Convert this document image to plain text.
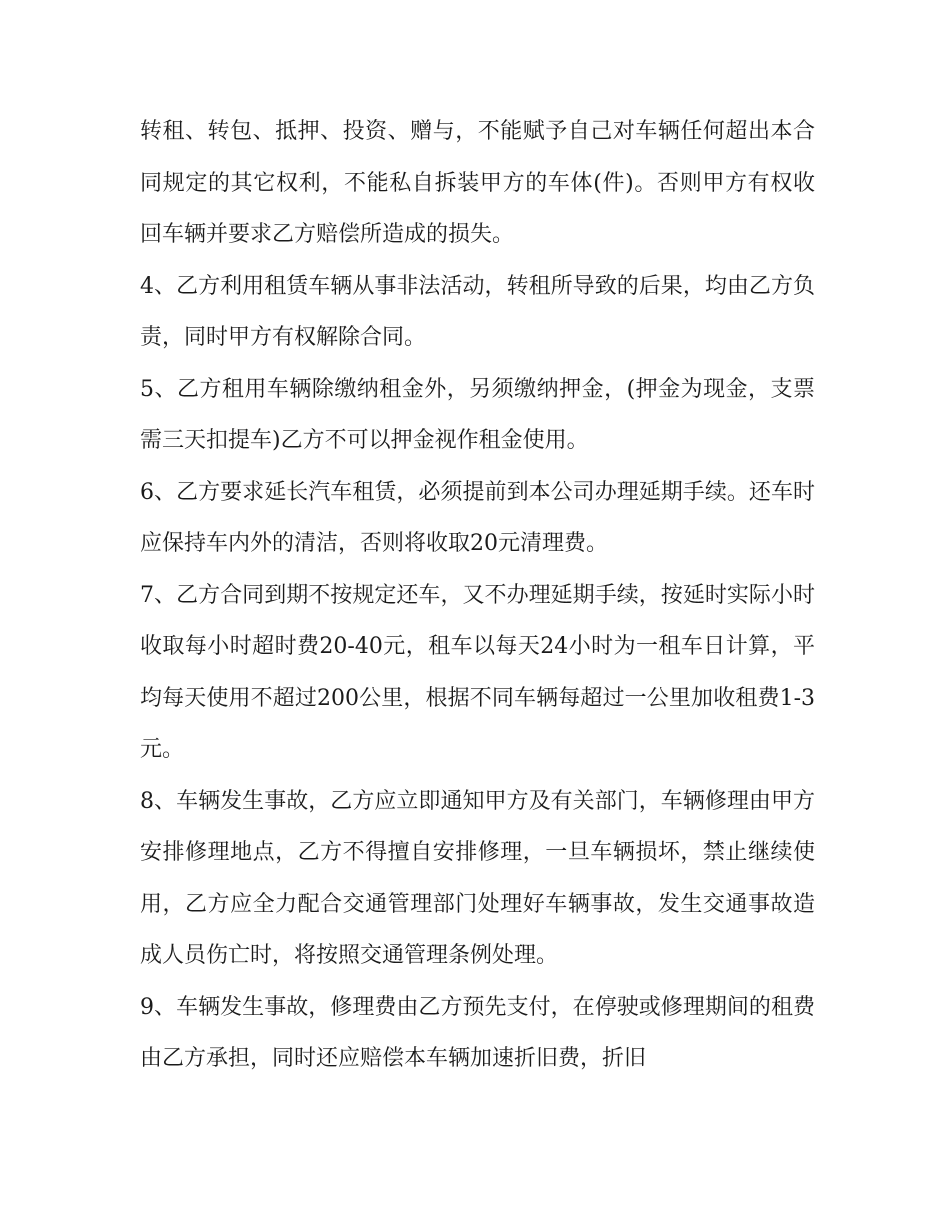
转租、转包、抵押、投资、赠与，不能赋予自己对车辆任何超出本合同规定的其它权利，不能私自拆装甲方的车体(件)。否则甲方有权收回车辆并要求乙方赔偿所造成的损失。

4、乙方利用租赁车辆从事非法活动，转租所导致的后果，均由乙方负责，同时甲方有权解除合同。

5、乙方租用车辆除缴纳租金外，另须缴纳押金，(押金为现金，支票需三天扣提车)乙方不可以押金视作租金使用。

6、乙方要求延长汽车租赁，必须提前到本公司办理延期手续。还车时应保持车内外的清洁，否则将收取20元清理费。

7、乙方合同到期不按规定还车，又不办理延期手续，按延时实际小时收取每小时超时费20-40元，租车以每天24小时为一租车日计算，平均每天使用不超过200公里，根据不同车辆每超过一公里加收租费1-3元。

8、车辆发生事故，乙方应立即通知甲方及有关部门，车辆修理由甲方安排修理地点，乙方不得擅自安排修理，一旦车辆损坏，禁止继续使用，乙方应全力配合交通管理部门处理好车辆事故，发生交通事故造成人员伤亡时，将按照交通管理条例处理。

9、车辆发生事故，修理费由乙方预先支付，在停驶或修理期间的租费由乙方承担，同时还应赔偿本车辆加速折旧费，折旧
